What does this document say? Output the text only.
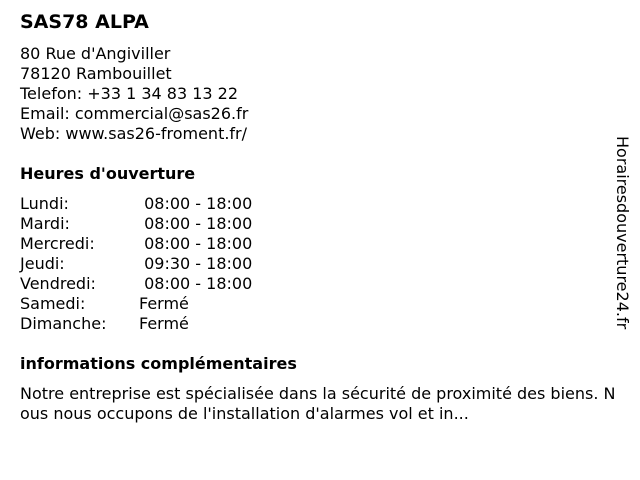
SAS78 ALPA
80 Rue d'Angiviller
78120 Rambouillet
Telefon: +33 1 34 83 13 22
Email: commercial@sas26.fr
Web: www.sas26-froment.fr/
Heures d'ouverture
Lundi:	08:00 - 18:00
Mardi:	08:00 - 18:00
Mercredi:	08:00 - 18:00
Jeudi:	09:30 - 18:00
Vendredi:	08:00 - 18:00
Samedi:	Fermé
Dimanche:	Fermé
informations complémentaires
Notre entreprise est spécialisée dans la sécurité de proximité des biens. Nous nous occupons de l'installation d'alarmes vol et in...
Horairesdouverture24.fr
